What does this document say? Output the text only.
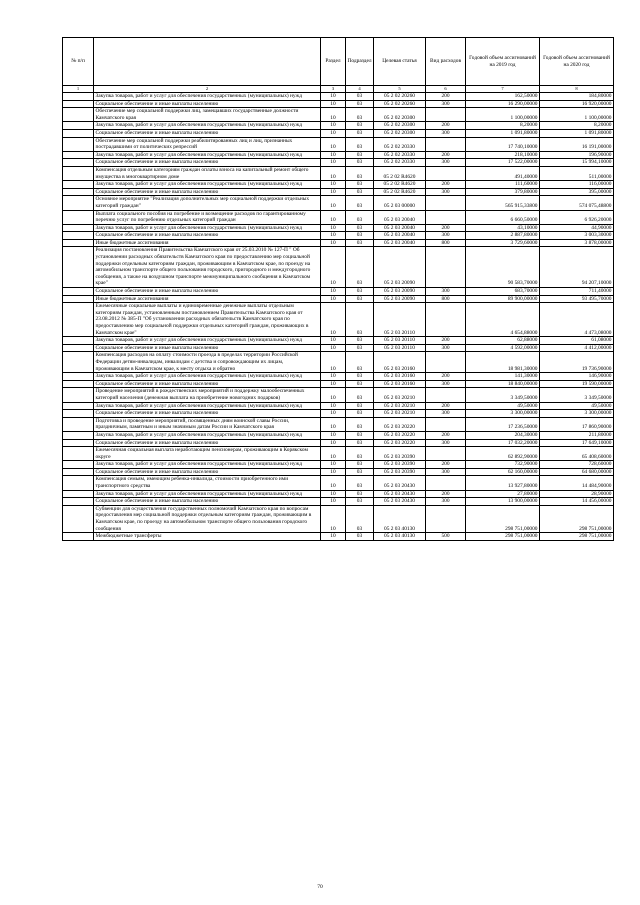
№ п/п		Раздел	Подраздел	Целевая статья	Вид расходов	Годовой объем ассигнований на 2019 год	Годовой объем ассигнований на 2020 год
1	2	3	4	5	6	7	8
	Закупка товаров, работ и услуг для обеспечения государственных (муниципальных) нужд	10	03	05 2 02 20260	200	162,50000	184,80000
	Социальное обеспечение и иные выплаты населению	10	03	05 2 02 20260	300	16 290,00000	16 920,00000
	Обеспечение мер социальной поддержки лиц, замещавших государственные должности Камчатского края	10	03	05 2 02 20300		1 100,00000	1 100,00000
	Закупка товаров, работ и услуг для обеспечения государственных (муниципальных) нужд	10	03	05 2 02 20300	200	8,20000	8,20000
	Социальное обеспечение и иные выплаты населению	10	03	05 2 02 20300	300	1 091,80000	1 091,80000
	Обеспечение мер социальной поддержки реабилитированных лиц и лиц, признанных пострадавшими от политических репрессий	10	03	05 2 02 20330		17 740,10000	16 191,00000
	Закупка товаров, работ и услуг для обеспечения государственных (муниципальных) нужд	10	03	05 2 02 20330	200	218,10000	196,90000
	Социальное обеспечение и иные выплаты населению	10	03	05 2 02 20330	300	17 522,00000	15 994,10000
	Компенсация отдельным категориям граждан оплаты взноса на капитальный ремонт общего имущества в многоквартирном доме	10	03	05 2 02 R4620		491,40000	511,00000
	Закупка товаров, работ и услуг для обеспечения государственных (муниципальных) нужд	10	03	05 2 02 R4620	200	111,60000	116,00000
	Социальное обеспечение и иные выплаты населению	10	03	05 2 02 R4620	300	379,80000	395,00000
	Основное мероприятие "Реализация дополнительных мер социальной поддержки отдельных категорий граждан"	10	03	05 2 03 00000		565 915,33800	574 075,48800
	Выплата социального пособия на погребение и возмещение расходов по гарантированному перечню услуг по погребению отдельных категорий граждан	10	03	05 2 03 20040		6 660,50000	6 926,20000
	Закупка товаров, работ и услуг для обеспечения государственных (муниципальных) нужд	10	03	05 2 03 20040	200	43,10000	44,90000
	Социальное обеспечение и иные выплаты населению	10	03	05 2 03 20040	300	2 887,80000	3 003,30000
	Иные бюджетные ассигнования	10	03	05 2 03 20040	800	3 729,60000	3 878,00000
	Реализация постановления Правительства Камчатского края от 25.03.2010 № 127-П " Об установлении расходных обязательств Камчатского края по предоставлению мер социальной поддержки отдельным категориям граждан, проживающим в Камчатском крае, по проезду на автомобильном транспорте общего пользования городского, пригородного и междугородного сообщения, а также на воздушном транспорте межмуниципального сообщения в Камчатском крае"	10	03	05 2 03 20090		90 583,70000	94 207,10000
	Социальное обеспечение и иные выплаты населению	10	03	05 2 03 20090	300	683,70000	711,40000
	Иные бюджетные ассигнования	10	03	05 2 03 20090	800	89 900,00000	93 495,70000
	Ежемесячные социальные выплаты и единовременные денежные выплаты отдельным категориям граждан, установленным постановлением Правительства Камчатского края от 23.08.2012 № 385-П "Об установлении расходных обязательств Камчатского края по предоставлению мер социальной поддержки отдельных категорий граждан, проживающих в Камчатском крае"	10	03	05 2 03 20110		4 654,88000	4 473,08000
	Закупка товаров, работ и услуг для обеспечения государственных (муниципальных) нужд	10	03	05 2 03 20110	200	62,88000	61,08000
	Социальное обеспечение и иные выплаты населению	10	03	05 2 03 20110	300	4 592,00000	4 412,00000
	Компенсация расходов на оплату стоимости проезда в пределах территории Российской Федерации детям-инвалидам, инвалидам с детства и сопровождающим их лицам, проживающим в Камчатском крае, к месту отдыха и обратно	10	03	05 2 03 20160		18 981,30000	19 736,90000
	Закупка товаров, работ и услуг для обеспечения государственных (муниципальных) нужд	10	03	05 2 03 20160	200	141,30000	146,90000
	Социальное обеспечение и иные выплаты населению	10	03	05 2 03 20160	300	18 840,00000	19 590,00000
	Проведение мероприятий в рождественских мероприятий и поддержку малообеспеченных категорий населения (денежная выплата на приобретение новогодних подарков)	10	03	05 2 03 20210		3 349,50000	3 349,50000
	Закупка товаров, работ и услуг для обеспечения государственных (муниципальных) нужд	10	03	05 2 03 20210	200	49,50000	49,50000
	Социальное обеспечение и иные выплаты населению	10	03	05 2 03 20210	300	3 300,00000	3 300,00000
	Подготовка и проведение мероприятий, посвященных дням воинской славы России, праздничным, памятным и иным значимым датам России и Камчатского края	10	03	05 2 03 20220		17 236,50000	17 860,90000
	Закупка товаров, работ и услуг для обеспечения государственных (муниципальных) нужд	10	03	05 2 03 20220	200	204,30000	211,80000
	Социальное обеспечение и иные выплаты населению	10	03	05 2 03 20220	300	17 032,20000	17 649,10000
	Ежемесячная социальная выплата неработающим пенсионерам, проживающим в Корякском округе	10	03	05 2 03 20390		62 892,90000	65 408,60000
	Закупка товаров, работ и услуг для обеспечения государственных (муниципальных) нужд	10	03	05 2 03 20390	200	732,90000	728,60000
	Социальное обеспечение и иные выплаты населению	10	03	05 2 03 20390	300	62 160,00000	64 680,00000
	Компенсация семьям, имеющим ребенка-инвалида, стоимости приобретенного ими транспортного средства	10	03	05 2 03 20430		13 927,80000	14 484,90000
	Закупка товаров, работ и услуг для обеспечения государственных (муниципальных) нужд	10	03	05 2 03 20430	200	27,80000	28,90000
	Социальное обеспечение и иные выплаты населению	10	03	05 2 03 20430	300	13 900,00000	14 456,00000
	Субвенции для осуществления государственных полномочий Камчатского края по вопросам предоставления мер социальной поддержки отдельным категориям граждан, проживающим в Камчатском крае, по проезду на автомобильном транспорте общего пользования городского сообщения	10	03	05 2 03 40130		298 751,00000	298 751,00000
	Межбюджетные трансферты	10	03	05 2 03 40130	500	298 751,00000	298 751,00000
70
